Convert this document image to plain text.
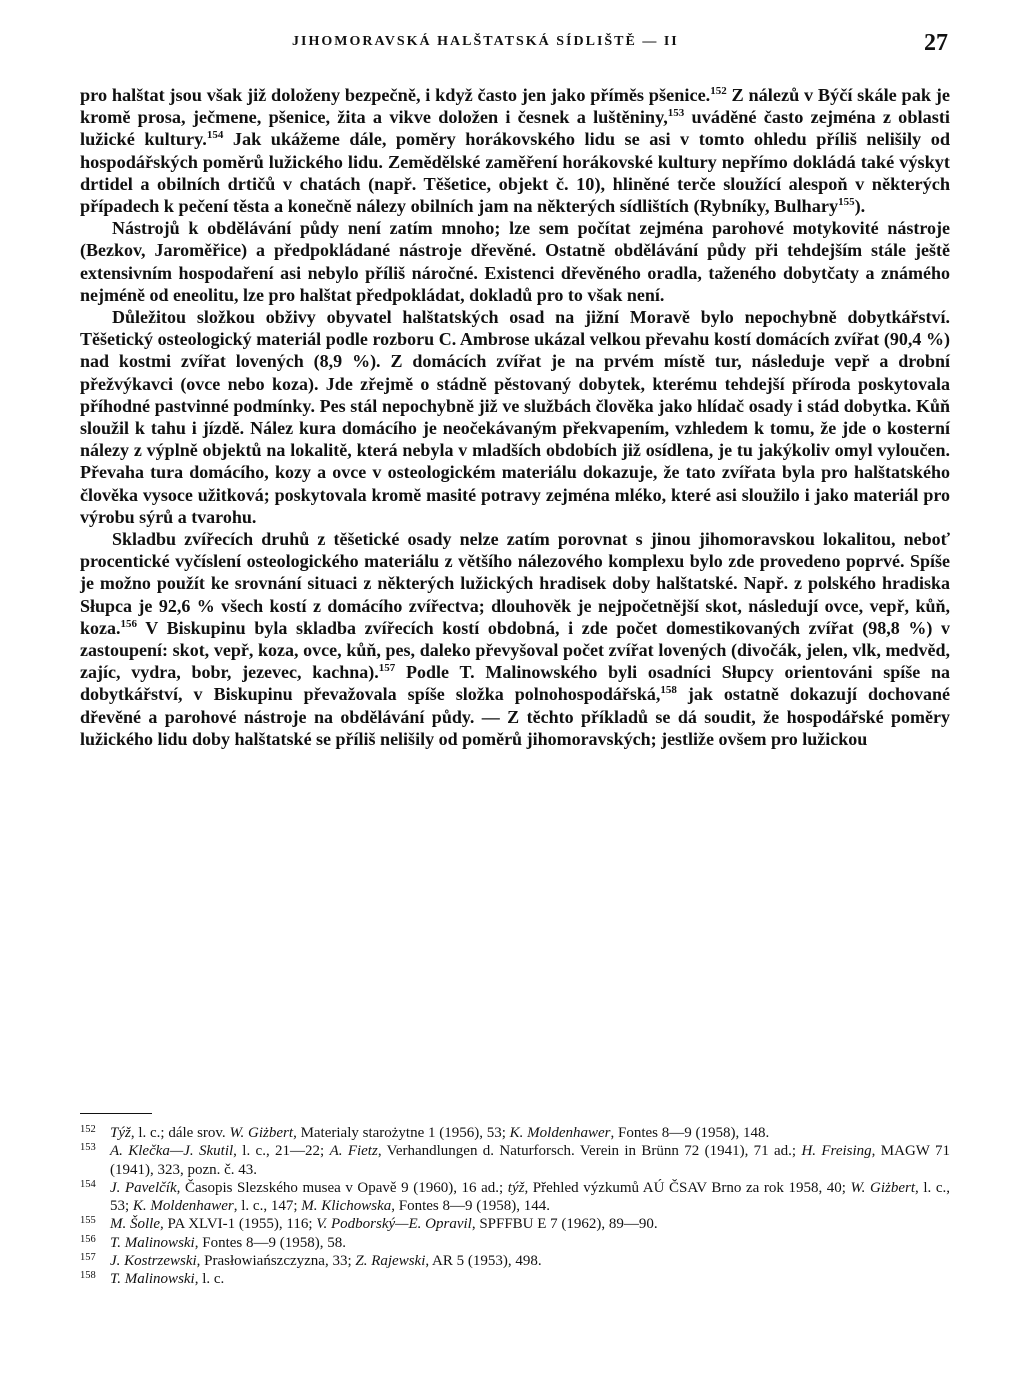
JIHOMORAVSKÁ HALŠTATSKÁ SÍDLIŠTĚ — II	27

pro halštat jsou však již doloženy bezpečně, i když často jen jako příměs pšenice.$^{152}$ Z nálezů v Býčí skále pak je kromě prosa, ječmene, pšenice, žita a vikve doložen i česnek a luštěniny,$^{153}$ uváděné často zejména z oblasti lužické kultury.$^{154}$ Jak ukážeme dále, poměry horákovského lidu se asi v tomto ohledu příliš nelišily od hospodářských poměrů lužického lidu. Zemědělské zaměření horákovské kultury nepřímo dokládá také výskyt drtidel a obilních drtičů v chatách (např. Těšetice, objekt č. 10), hliněné terče sloužící alespoň v některých případech k pečení těsta a konečně nálezy obilních jam na některých sídlištích (Rybníky, Bulhary$^{155}$).

Nástrojů k obdělávání půdy není zatím mnoho; lze sem počítat zejména parohové motykovité nástroje (Bezkov, Jaroměřice) a předpokládané nástroje dřevěné. Ostatně obdělávání půdy při tehdejším stále ještě extensivním hospodaření asi nebylo příliš náročné. Existenci dřevěného oradla, taženého dobytčaty a známého nejméně od eneolitu, lze pro halštat předpokládat, dokladů pro to však není.

Důležitou složkou obživy obyvatel halštatských osad na jižní Moravě bylo nepochybně dobytkářství. Těšetický osteologický materiál podle rozboru C. Ambrose ukázal velkou převahu kostí domácích zvířat (90,4 %) nad kostmi zvířat lovených (8,9 %). Z domácích zvířat je na prvém místě tur, následuje vepř a drobní přežvýkavci (ovce nebo koza). Jde zřejmě o stádně pěstovaný dobytek, kterému tehdejší příroda poskytovala příhodné pastvinné podmínky. Pes stál nepochybně již ve službách člověka jako hlídač osady i stád dobytka. Kůň sloužil k tahu i jízdě. Nález kura domácího je neočekávaným překvapením, vzhledem k tomu, že jde o kosterní nálezy z výplně objektů na lokalitě, která nebyla v mladších obdobích již osídlena, je tu jakýkoliv omyl vyloučen. Převaha tura domácího, kozy a ovce v osteologickém materiálu dokazuje, že tato zvířata byla pro halštatského člověka vysoce užitková; poskytovala kromě masité potravy zejména mléko, které asi sloužilo i jako materiál pro výrobu sýrů a tvarohu.

Skladbu zvířecích druhů z těšetické osady nelze zatím porovnat s jinou jihomoravskou lokalitou, neboť procentické vyčíslení osteologického materiálu z většího nálezového komplexu bylo zde provedeno poprvé. Spíše je možno použít ke srovnání situaci z některých lužických hradisek doby halštatské. Např. z polského hradiska Słupca je 92,6 % všech kostí z domácího zvířectva; dlouhověk je nejpočetnější skot, následují ovce, vepř, kůň, koza.$^{156}$ V Biskupinu byla skladba zvířecích kostí obdobná, i zde počet domestikovaných zvířat (98,8 %) v zastoupení: skot, vepř, koza, ovce, kůň, pes, daleko převyšoval počet zvířat lovených (divočák, jelen, vlk, medvěd, zajíc, vydra, bobr, jezevec, kachna).$^{157}$ Podle T. Malinowského byli osadníci Słupcy orientováni spíše na dobytkářství, v Biskupinu převažovala spíše složka polnohospodářská,$^{158}$ jak ostatně dokazují dochované dřevěné a parohové nástroje na obdělávání půdy. — Z těchto příkladů se dá soudit, že hospodářské poměry lužického lidu doby halštatské se příliš nelišily od poměrů jihomoravských; jestliže ovšem pro lužickou

152 Týž, l. c.; dále srov. W. Giżbert, Materialy starożytne 1 (1956), 53; K. Moldenhawer, Fontes 8—9 (1958), 148.

153 A. Klečka—J. Skutil, l. c., 21—22; A. Fietz, Verhandlungen d. Naturforsch. Verein in Brünn 72 (1941), 71 ad.; H. Freising, MAGW 71 (1941), 323, pozn. č. 43.

154 J. Pavelčík, Časopis Slezského musea v Opavě 9 (1960), 16 ad.; týž, Přehled výzkumů AÚ ČSAV Brno za rok 1958, 40; W. Giżbert, l. c., 53; K. Moldenhawer, l. c., 147; M. Klichowska, Fontes 8—9 (1958), 144.

155 M. Šolle, PA XLVI-1 (1955), 116; V. Podborský—E. Opravil, SPFFBU E 7 (1962), 89—90.

156 T. Malinowski, Fontes 8—9 (1958), 58.

157 J. Kostrzewski, Prasłowiańszczyzna, 33; Z. Rajewski, AR 5 (1953), 498.

158 T. Malinowski, l. c.
